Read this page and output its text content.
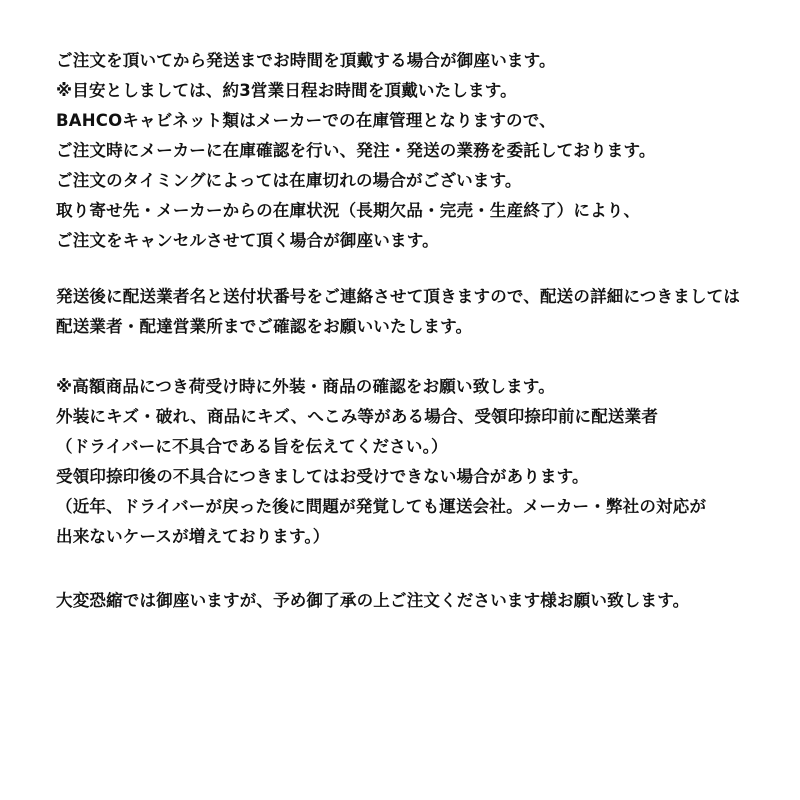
ご注文を頂いてから発送までお時間を頂戴する場合が御座います。
※目安としましては、約3営業日程お時間を頂戴いたします。
BAHCOキャビネット類はメーカーでの在庫管理となりますので、
ご注文時にメーカーに在庫確認を行い、発注・発送の業務を委託しております。
ご注文のタイミングによっては在庫切れの場合がございます。
取り寄せ先・メーカーからの在庫状況（長期欠品・完売・生産終了）により、
ご注文をキャンセルさせて頂く場合が御座います。
発送後に配送業者名と送付状番号をご連絡させて頂きますので、配送の詳細につきましては
配送業者・配達営業所までご確認をお願いいたします。
※高額商品につき荷受け時に外装・商品の確認をお願い致します。
外装にキズ・破れ、商品にキズ、へこみ等がある場合、受領印捺印前に配送業者
（ドライバーに不具合である旨を伝えてください。）
受領印捺印後の不具合につきましてはお受けできない場合があります。
（近年、ドライバーが戻った後に問題が発覚しても運送会社。メーカー・弊社の対応が
出来ないケースが増えております。）
大変恐縮では御座いますが、予め御了承の上ご注文くださいます様お願い致します。
